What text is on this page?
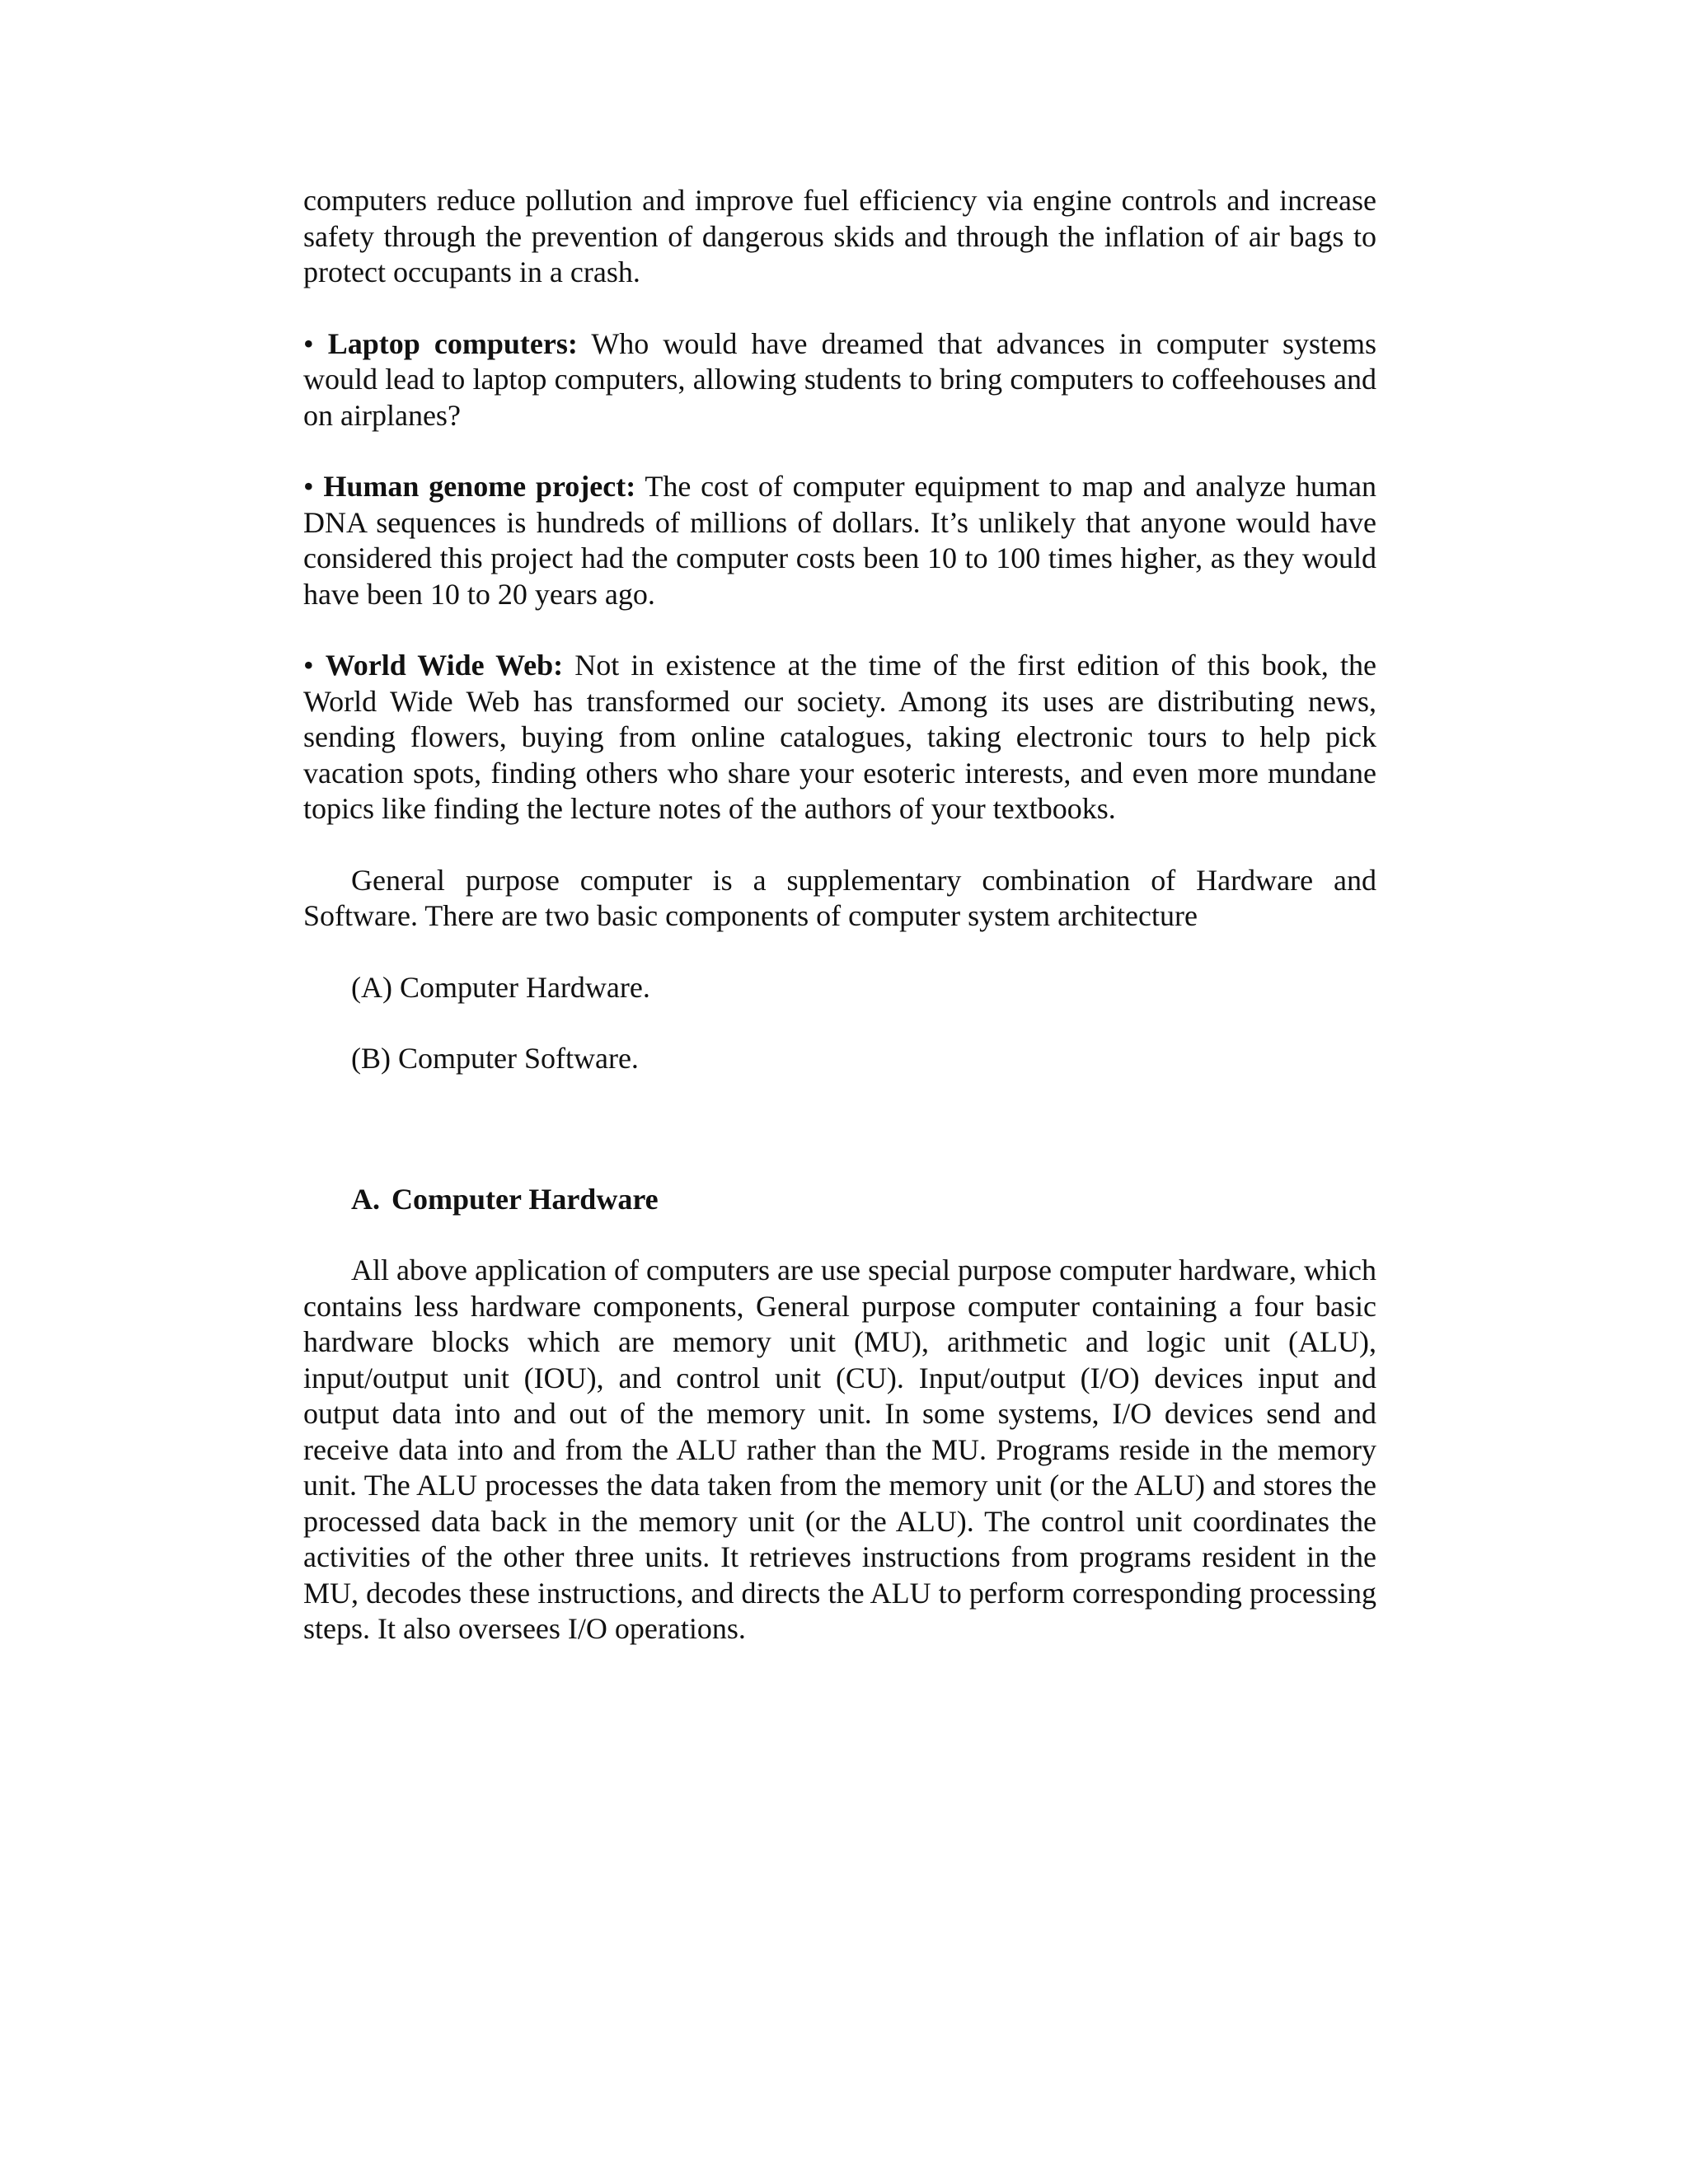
computers reduce pollution and improve fuel efficiency via engine controls and increase safety through the prevention of dangerous skids and through the inflation of air bags to protect occupants in a crash.

• Laptop computers: Who would have dreamed that advances in computer systems would lead to laptop computers, allowing students to bring computers to coffeehouses and on airplanes?

• Human genome project: The cost of computer equipment to map and analyze human DNA sequences is hundreds of millions of dollars. It’s unlikely that anyone would have considered this project had the computer costs been 10 to 100 times higher, as they would have been 10 to 20 years ago.

• World Wide Web: Not in existence at the time of the first edition of this book, the World Wide Web has transformed our society. Among its uses are distributing news, sending flowers, buying from online catalogues, taking electronic tours to help pick vacation spots, finding others who share your esoteric interests, and even more mundane topics like finding the lecture notes of the authors of your textbooks.

General purpose computer is a supplementary combination of Hardware and Software. There are two basic components of computer system architecture

(A) Computer Hardware.

(B) Computer Software.

A. Computer Hardware

All above application of computers are use special purpose computer hardware, which contains less hardware components, General purpose computer containing a four basic hardware blocks which are memory unit (MU), arithmetic and logic unit (ALU), input/output unit (IOU), and control unit (CU). Input/output (I/O) devices input and output data into and out of the memory unit. In some systems, I/O devices send and receive data into and from the ALU rather than the MU. Programs reside in the memory unit. The ALU processes the data taken from the memory unit (or the ALU) and stores the processed data back in the memory unit (or the ALU). The control unit coordinates the activities of the other three units. It retrieves instructions from programs resident in the MU, decodes these instructions, and directs the ALU to perform corresponding processing steps. It also oversees I/O operations.
